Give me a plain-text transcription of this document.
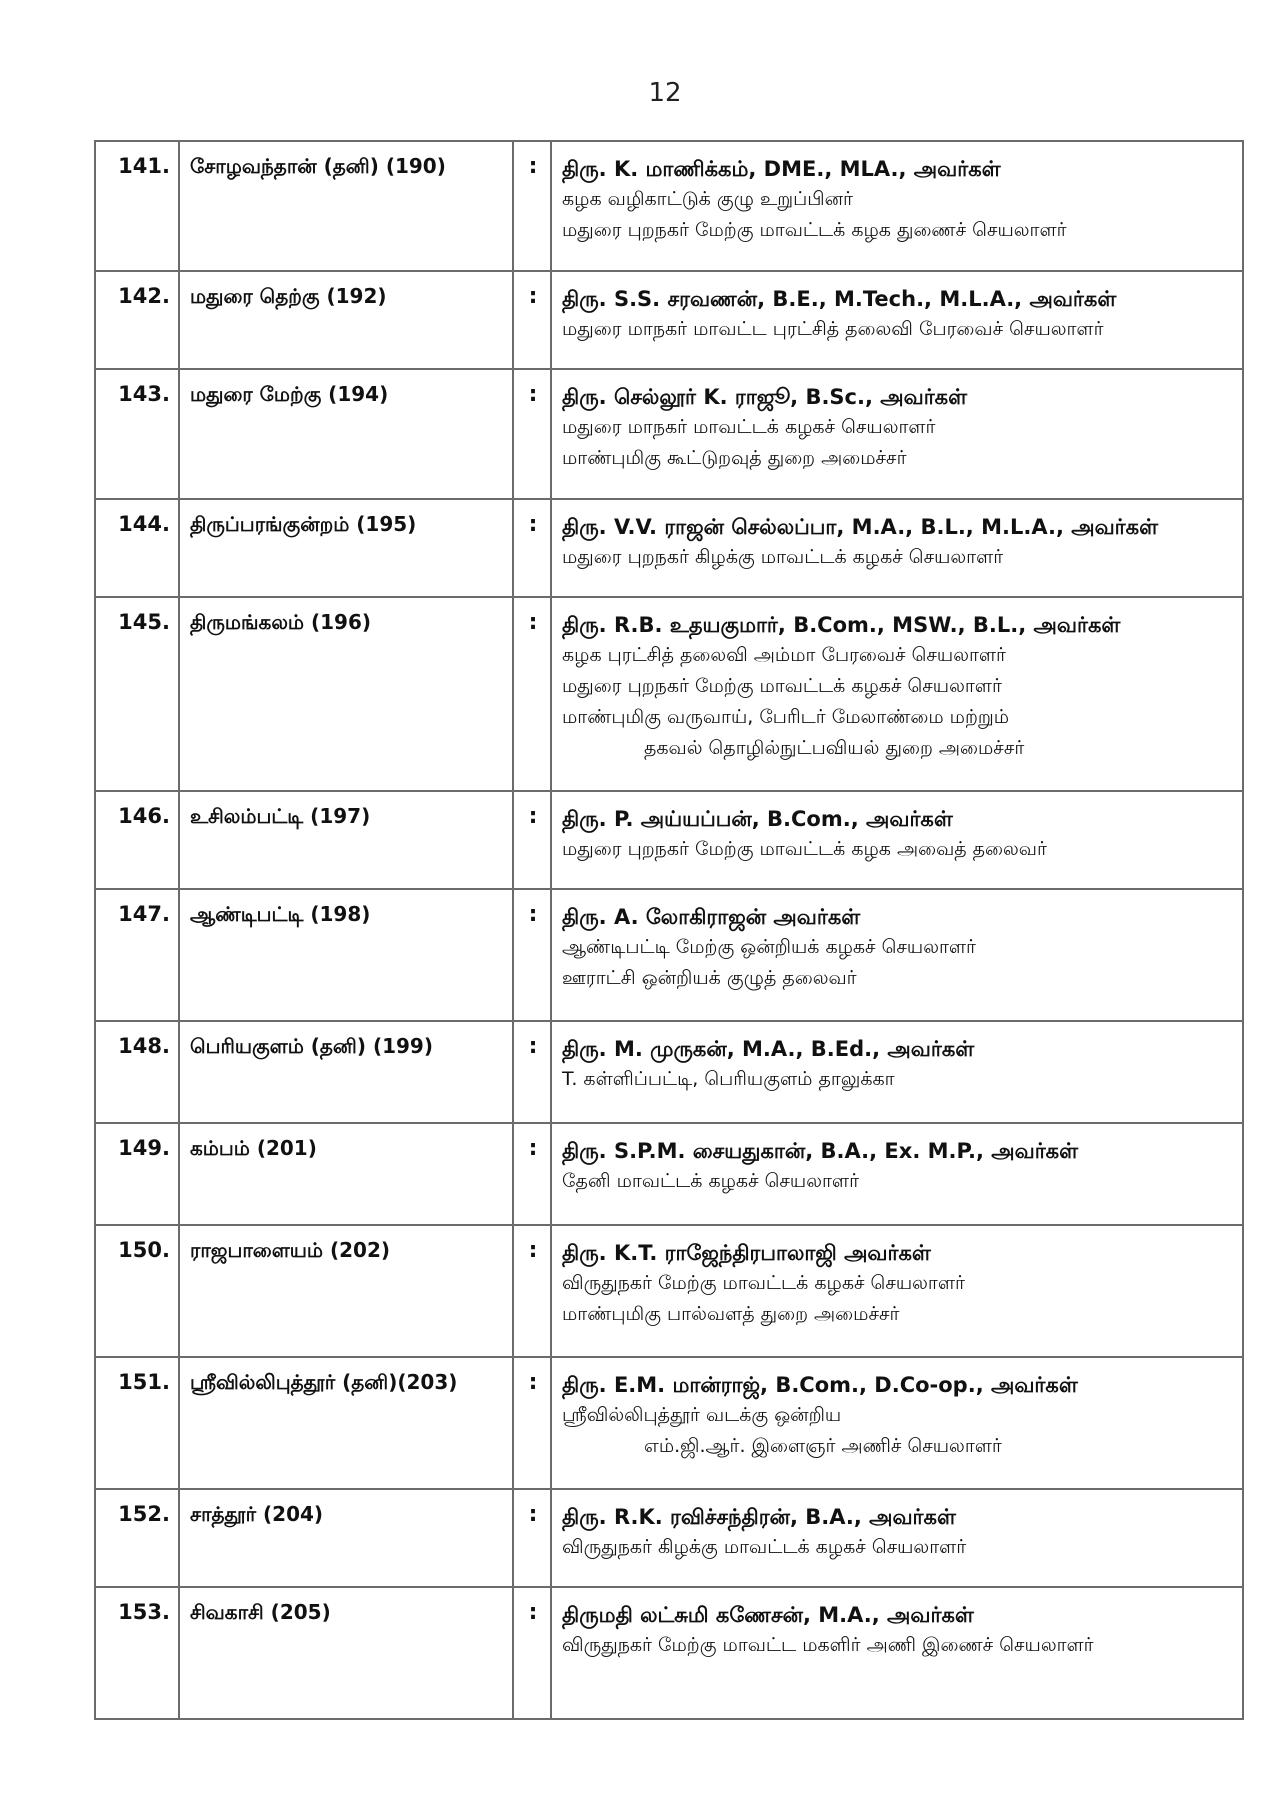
12
141.	சோழவந்தான் (தனி) (190)	:	திரு. K. மாணிக்கம், DME., MLA., அவர்கள்
கழக வழிகாட்டுக் குழு உறுப்பினர்
மதுரை புறநகர் மேற்கு மாவட்டக் கழக துணைச் செயலாளர்

142.	மதுரை தெற்கு (192)	:	திரு. S.S. சரவணன், B.E., M.Tech., M.L.A., அவர்கள்
மதுரை மாநகர் மாவட்ட புரட்சித் தலைவி பேரவைச் செயலாளர்

143.	மதுரை மேற்கு (194)	:	திரு. செல்லூர் K. ராஜூ, B.Sc., அவர்கள்
மதுரை மாநகர் மாவட்டக் கழகச் செயலாளர்
மாண்புமிகு கூட்டுறவுத் துறை அமைச்சர்

144.	திருப்பரங்குன்றம் (195)	:	திரு. V.V. ராஜன் செல்லப்பா, M.A., B.L., M.L.A., அவர்கள்
மதுரை புறநகர் கிழக்கு மாவட்டக் கழகச் செயலாளர்

145.	திருமங்கலம் (196)	:	திரு. R.B. உதயகுமார், B.Com., MSW., B.L., அவர்கள்
கழக புரட்சித் தலைவி அம்மா பேரவைச் செயலாளர்
மதுரை புறநகர் மேற்கு மாவட்டக் கழகச் செயலாளர்
மாண்புமிகு வருவாய், பேரிடர் மேலாண்மை மற்றும்
தகவல் தொழில்நுட்பவியல் துறை அமைச்சர்

146.	உசிலம்பட்டி (197)	:	திரு. P. அய்யப்பன், B.Com., அவர்கள்
மதுரை புறநகர் மேற்கு மாவட்டக் கழக அவைத் தலைவர்

147.	ஆண்டிபட்டி (198)	:	திரு. A. லோகிராஜன் அவர்கள்
ஆண்டிபட்டி மேற்கு ஒன்றியக் கழகச் செயலாளர்
ஊராட்சி ஒன்றியக் குழுத் தலைவர்

148.	பெரியகுளம் (தனி) (199)	:	திரு. M. முருகன், M.A., B.Ed., அவர்கள்
T. கள்ளிப்பட்டி, பெரியகுளம் தாலுக்கா

149.	கம்பம் (201)	:	திரு. S.P.M. சையதுகான், B.A., Ex. M.P., அவர்கள்
தேனி மாவட்டக் கழகச் செயலாளர்

150.	ராஜபாளையம் (202)	:	திரு. K.T. ராஜேந்திரபாலாஜி அவர்கள்
விருதுநகர் மேற்கு மாவட்டக் கழகச் செயலாளர்
மாண்புமிகு பால்வளத் துறை அமைச்சர்

151.	ஸ்ரீவில்லிபுத்தூர் (தனி)(203)	:	திரு. E.M. மான்ராஜ், B.Com., D.Co-op., அவர்கள்
ஸ்ரீவில்லிபுத்தூர் வடக்கு ஒன்றிய
எம்.ஜி.ஆர். இளைஞர் அணிச் செயலாளர்

152.	சாத்தூர் (204)	:	திரு. R.K. ரவிச்சந்திரன், B.A., அவர்கள்
விருதுநகர் கிழக்கு மாவட்டக் கழகச் செயலாளர்

153.	சிவகாசி (205)	:	திருமதி லட்சுமி கணேசன், M.A., அவர்கள்
விருதுநகர் மேற்கு மாவட்ட மகளிர் அணி இணைச் செயலாளர்
